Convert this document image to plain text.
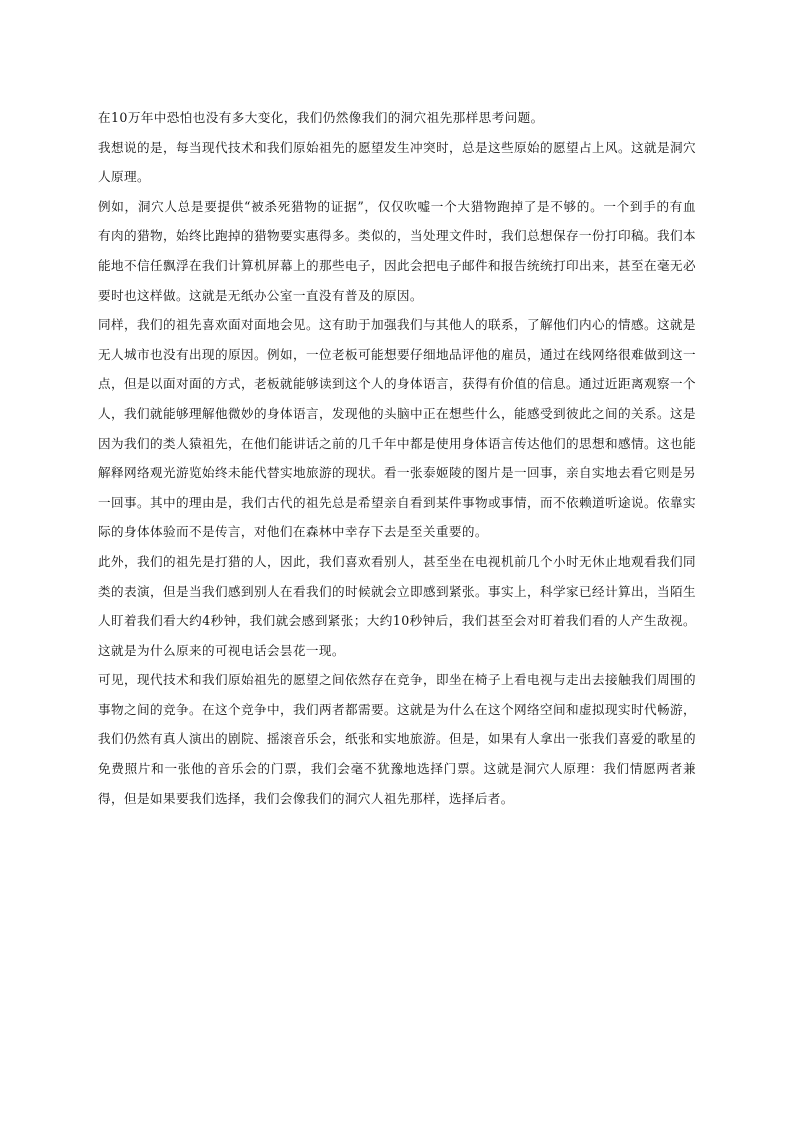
在10万年中恐怕也没有多大变化，我们仍然像我们的洞穴祖先那样思考问题。

我想说的是，每当现代技术和我们原始祖先的愿望发生冲突时，总是这些原始的愿望占上风。这就是洞穴人原理。

例如，洞穴人总是要提供“被杀死猎物的证据”，仅仅吹嘘一个大猎物跑掉了是不够的。一个到手的有血有肉的猎物，始终比跑掉的猎物要实惠得多。类似的，当处理文件时，我们总想保存一份打印稿。我们本能地不信任飘浮在我们计算机屏幕上的那些电子，因此会把电子邮件和报告统统打印出来，甚至在毫无必要时也这样做。这就是无纸办公室一直没有普及的原因。

同样，我们的祖先喜欢面对面地会见。这有助于加强我们与其他人的联系，了解他们内心的情感。这就是无人城市也没有出现的原因。例如，一位老板可能想要仔细地品评他的雇员，通过在线网络很难做到这一点，但是以面对面的方式，老板就能够读到这个人的身体语言，获得有价值的信息。通过近距离观察一个人，我们就能够理解他微妙的身体语言，发现他的头脑中正在想些什么，能感受到彼此之间的关系。这是因为我们的类人猿祖先，在他们能讲话之前的几千年中都是使用身体语言传达他们的思想和感情。这也能解释网络观光游览始终未能代替实地旅游的现状。看一张泰姬陵的图片是一回事，亲自实地去看它则是另一回事。其中的理由是，我们古代的祖先总是希望亲自看到某件事物或事情，而不依赖道听途说。依靠实际的身体体验而不是传言，对他们在森林中幸存下去是至关重要的。

此外，我们的祖先是打猎的人，因此，我们喜欢看别人，甚至坐在电视机前几个小时无休止地观看我们同类的表演，但是当我们感到别人在看我们的时候就会立即感到紧张。事实上，科学家已经计算出，当陌生人盯着我们看大约4秒钟，我们就会感到紧张；大约10秒钟后，我们甚至会对盯着我们看的人产生敌视。这就是为什么原来的可视电话会昙花一现。

可见，现代技术和我们原始祖先的愿望之间依然存在竞争，即坐在椅子上看电视与走出去接触我们周围的事物之间的竞争。在这个竞争中，我们两者都需要。这就是为什么在这个网络空间和虚拟现实时代畅游，我们仍然有真人演出的剧院、摇滚音乐会，纸张和实地旅游。但是，如果有人拿出一张我们喜爱的歌星的免费照片和一张他的音乐会的门票，我们会毫不犹豫地选择门票。这就是洞穴人原理：我们情愿两者兼得，但是如果要我们选择，我们会像我们的洞穴人祖先那样，选择后者。
